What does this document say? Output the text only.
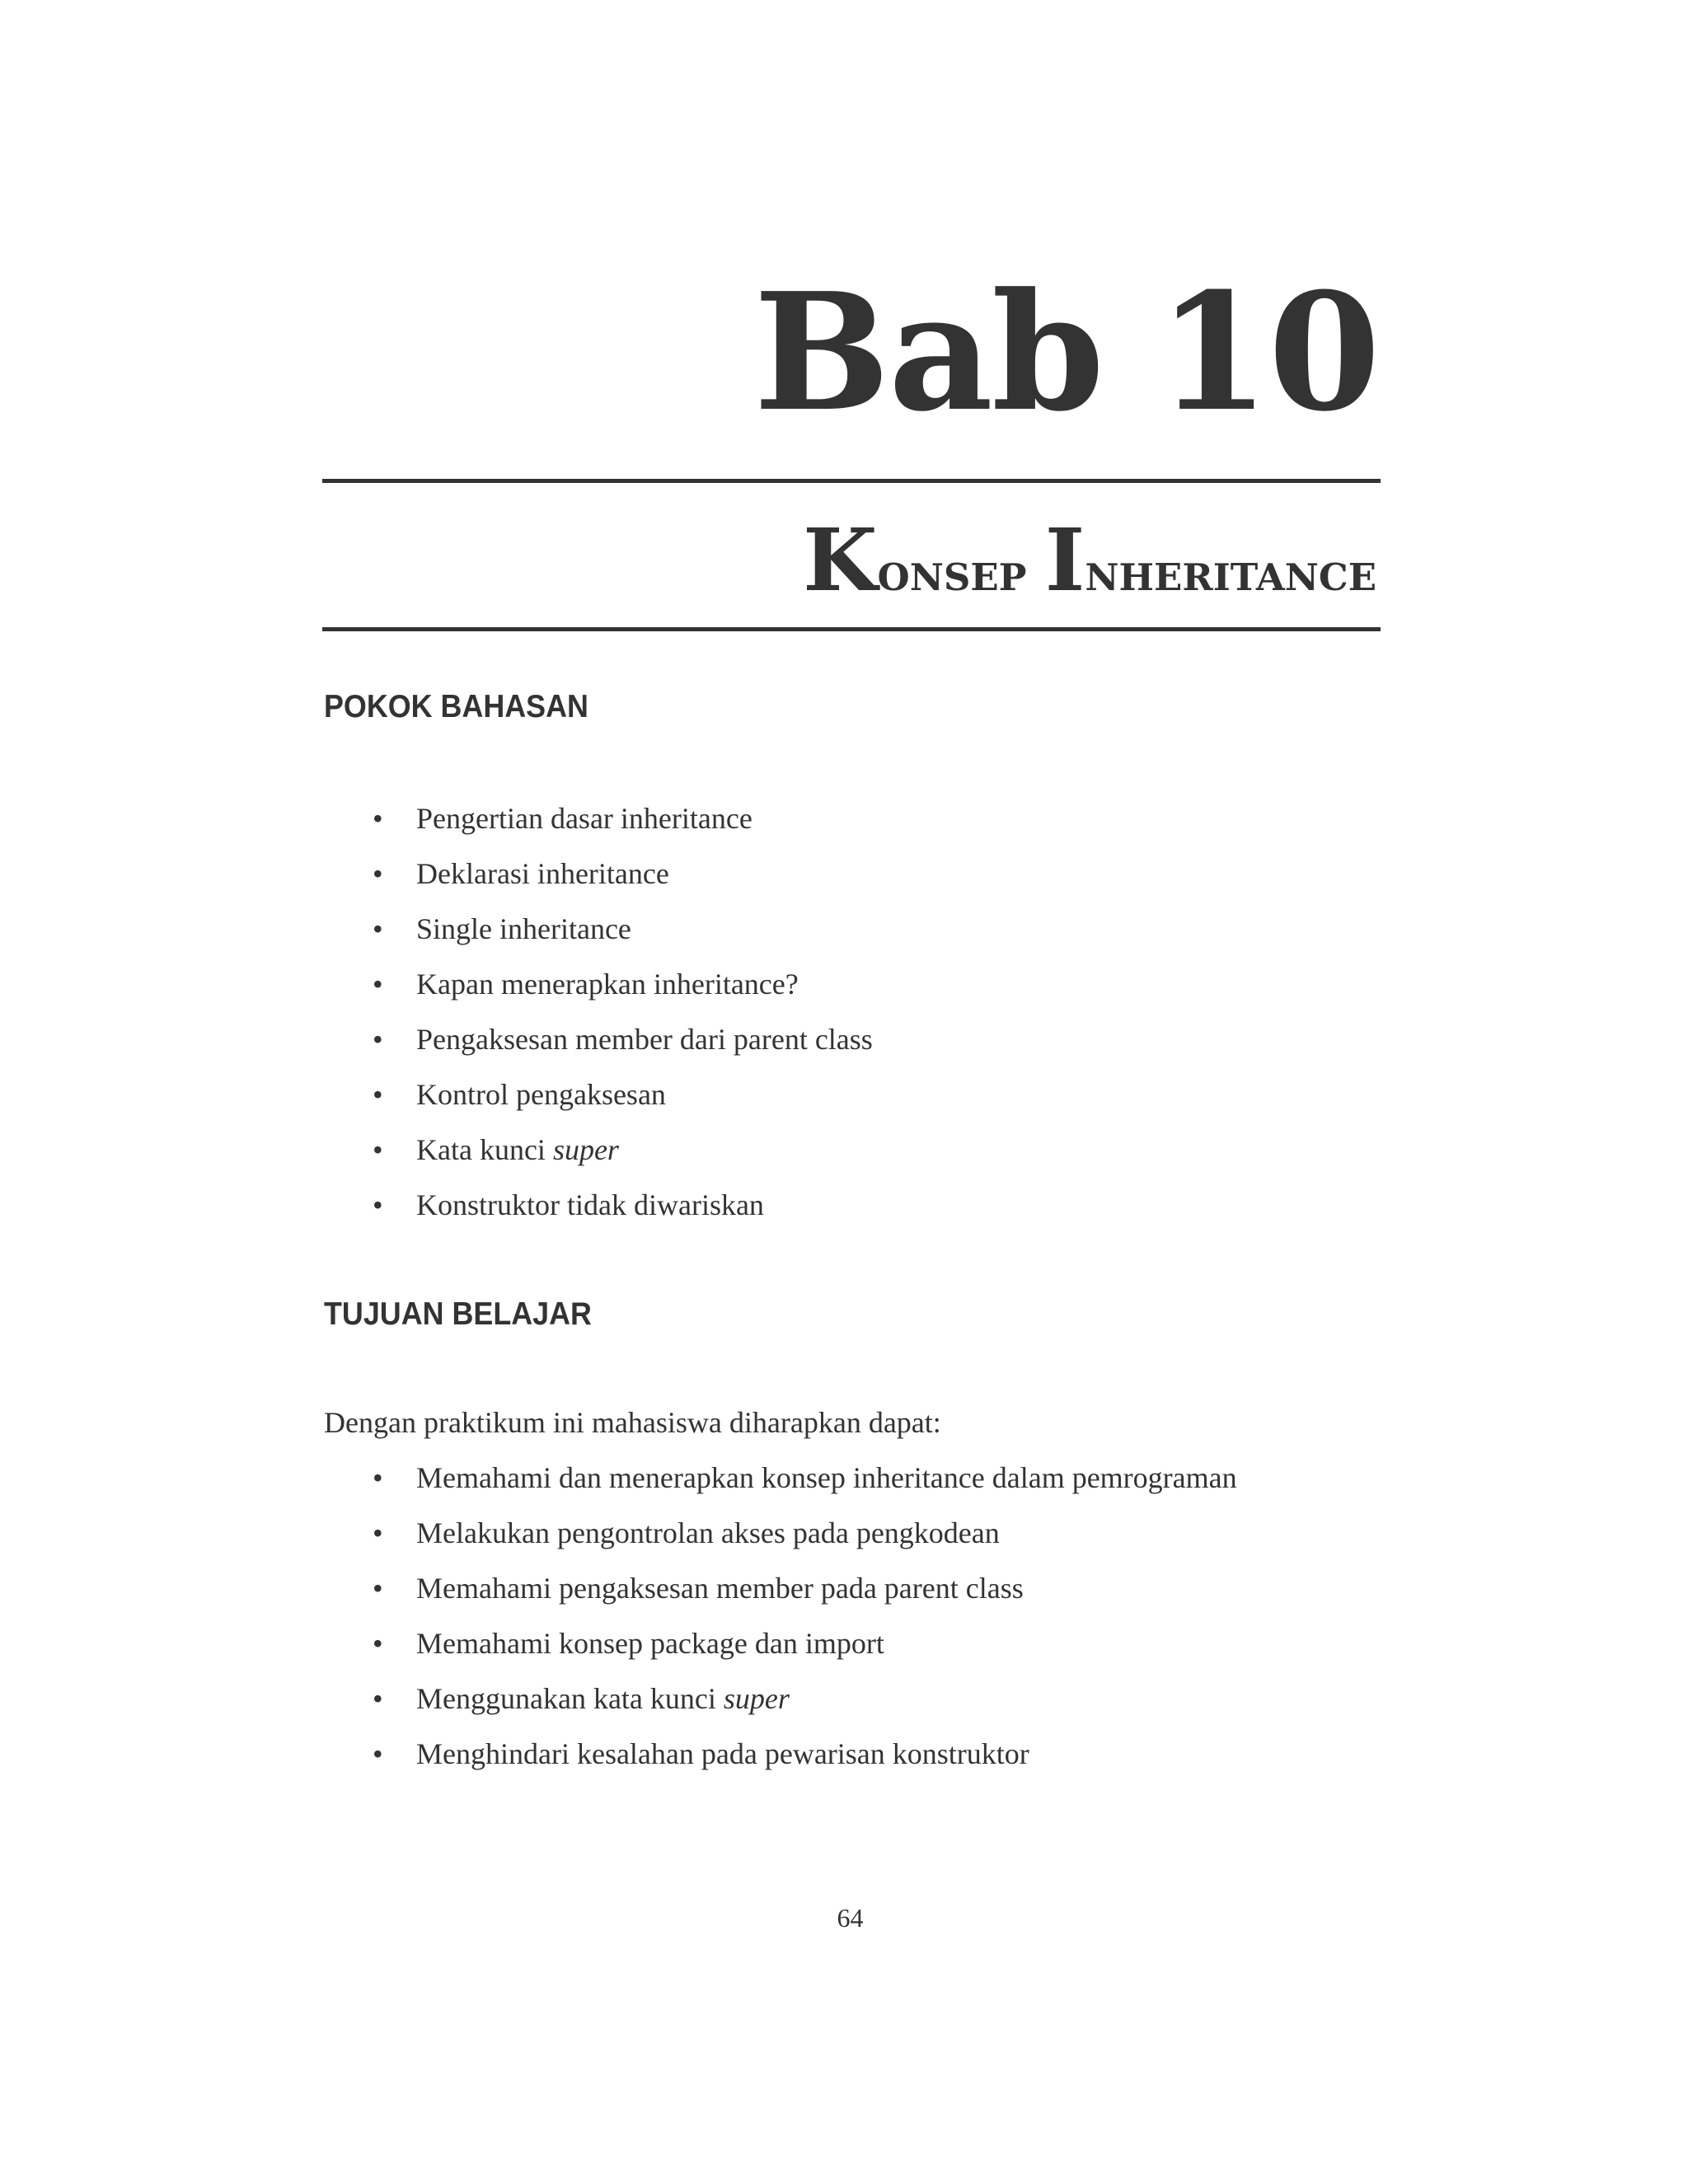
Bab 10
Konsep Inheritance
POKOK BAHASAN
• Pengertian dasar inheritance
• Deklarasi inheritance
• Single inheritance
• Kapan menerapkan inheritance?
• Pengaksesan member dari parent class
• Kontrol pengaksesan
• Kata kunci super
• Konstruktor tidak diwariskan
TUJUAN BELAJAR
Dengan praktikum ini mahasiswa diharapkan dapat:
• Memahami dan menerapkan konsep inheritance dalam pemrograman
• Melakukan pengontrolan akses pada pengkodean
• Memahami pengaksesan member pada parent class
• Memahami konsep package dan import
• Menggunakan kata kunci super
• Menghindari kesalahan pada pewarisan konstruktor
64
